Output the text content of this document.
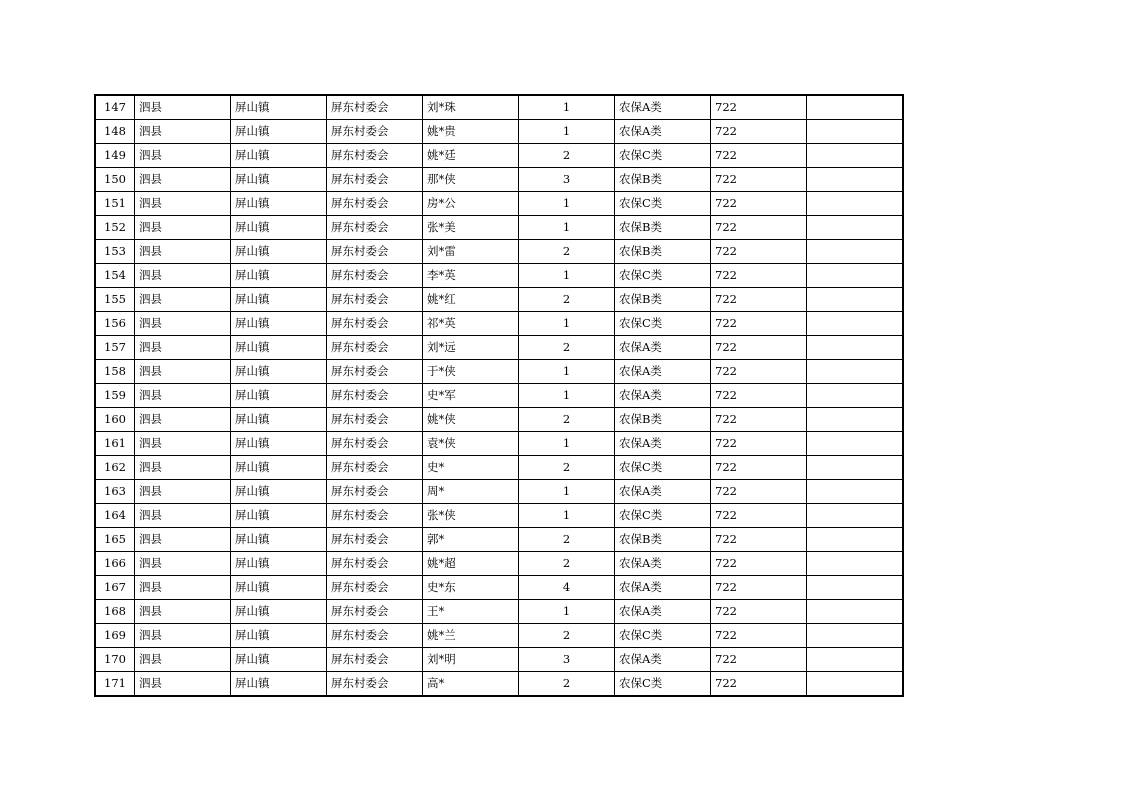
147	泗县	屏山镇	屏东村委会	刘*珠	1	农保A类	722	
148	泗县	屏山镇	屏东村委会	姚*贵	1	农保A类	722	
149	泗县	屏山镇	屏东村委会	姚*廷	2	农保C类	722	
150	泗县	屏山镇	屏东村委会	那*侠	3	农保B类	722	
151	泗县	屏山镇	屏东村委会	房*公	1	农保C类	722	
152	泗县	屏山镇	屏东村委会	张*美	1	农保B类	722	
153	泗县	屏山镇	屏东村委会	刘*雷	2	农保B类	722	
154	泗县	屏山镇	屏东村委会	李*英	1	农保C类	722	
155	泗县	屏山镇	屏东村委会	姚*红	2	农保B类	722	
156	泗县	屏山镇	屏东村委会	祁*英	1	农保C类	722	
157	泗县	屏山镇	屏东村委会	刘*远	2	农保A类	722	
158	泗县	屏山镇	屏东村委会	于*侠	1	农保A类	722	
159	泗县	屏山镇	屏东村委会	史*军	1	农保A类	722	
160	泗县	屏山镇	屏东村委会	姚*侠	2	农保B类	722	
161	泗县	屏山镇	屏东村委会	袁*侠	1	农保A类	722	
162	泗县	屏山镇	屏东村委会	史*	2	农保C类	722	
163	泗县	屏山镇	屏东村委会	周*	1	农保A类	722	
164	泗县	屏山镇	屏东村委会	张*侠	1	农保C类	722	
165	泗县	屏山镇	屏东村委会	郭*	2	农保B类	722	
166	泗县	屏山镇	屏东村委会	姚*超	2	农保A类	722	
167	泗县	屏山镇	屏东村委会	史*东	4	农保A类	722	
168	泗县	屏山镇	屏东村委会	王*	1	农保A类	722	
169	泗县	屏山镇	屏东村委会	姚*兰	2	农保C类	722	
170	泗县	屏山镇	屏东村委会	刘*明	3	农保A类	722	
171	泗县	屏山镇	屏东村委会	高*	2	农保C类	722	
